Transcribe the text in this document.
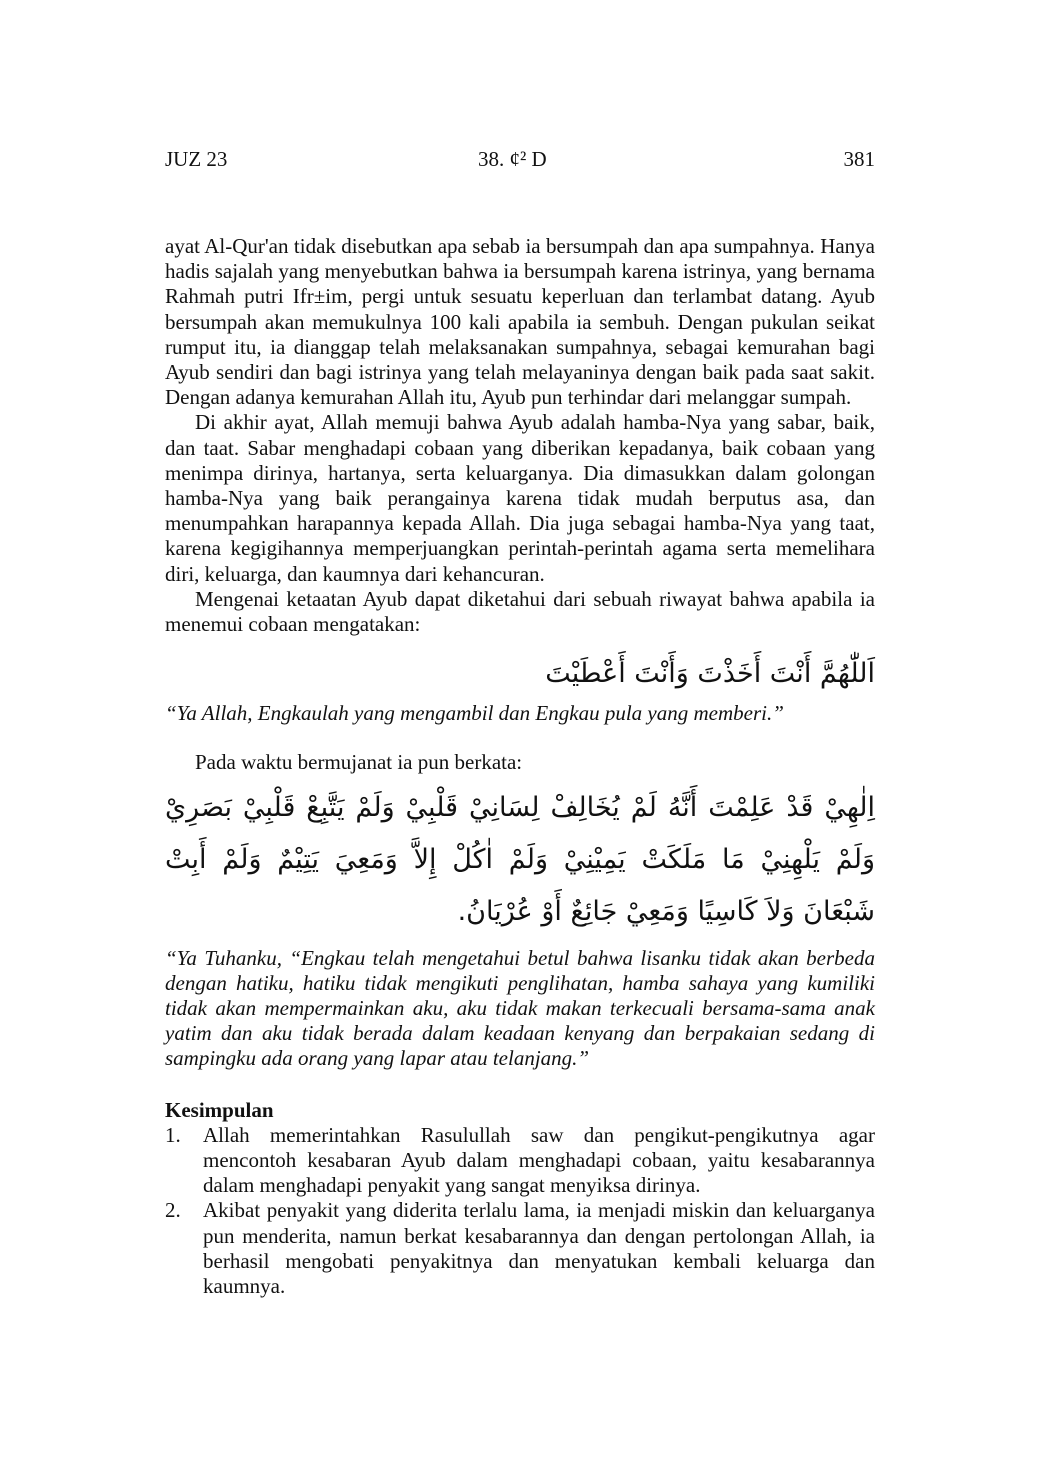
JUZ 23	38. ¢² D	381

ayat Al-Qur'an tidak disebutkan apa sebab ia bersumpah dan apa sumpahnya. Hanya hadis sajalah yang menyebutkan bahwa ia bersumpah karena istrinya, yang bernama Rahmah putri Ifr±im, pergi untuk sesuatu keperluan dan terlambat datang. Ayub bersumpah akan memukulnya 100 kali apabila ia sembuh. Dengan pukulan seikat rumput itu, ia dianggap telah melaksanakan sumpahnya, sebagai kemurahan bagi Ayub sendiri dan bagi istrinya yang telah melayaninya dengan baik pada saat sakit. Dengan adanya kemurahan Allah itu, Ayub pun terhindar dari melanggar sumpah.

Di akhir ayat, Allah memuji bahwa Ayub adalah hamba-Nya yang sabar, baik, dan taat. Sabar menghadapi cobaan yang diberikan kepadanya, baik cobaan yang menimpa dirinya, hartanya, serta keluarganya. Dia dimasukkan dalam golongan hamba-Nya yang baik perangainya karena tidak mudah berputus asa, dan menumpahkan harapannya kepada Allah. Dia juga sebagai hamba-Nya yang taat, karena kegigihannya memperjuangkan perintah-perintah agama serta memelihara diri, keluarga, dan kaumnya dari kehancuran.

Mengenai ketaatan Ayub dapat diketahui dari sebuah riwayat bahwa apabila ia menemui cobaan mengatakan:

اَللّٰهُمَّ أَنْتَ أَخَذْتَ وَأَنْتَ أَعْطَيْتَ

“Ya Allah, Engkaulah yang mengambil dan Engkau pula yang memberi.”

Pada waktu bermujanat ia pun berkata:

اِلٰهِيْ قَدْ عَلِمْتَ أَنَّهُ لَمْ يُخَالِفْ لِسَانِيْ قَلْبِيْ وَلَمْ يَتَّبِعْ قَلْبِيْ بَصَرِيْ وَلَمْ يَلْهِنِيْ مَا مَلَكَتْ يَمِيْنِيْ وَلَمْ اٰكُلْ إِلاَّ وَمَعِيَ يَتِيْمٌ وَلَمْ أَبِتْ شَبْعَانَ وَلاَ كَاسِيًا وَمَعِيْ جَائِعٌ أَوْ عُرْيَانُ.

“Ya Tuhanku, “Engkau telah mengetahui betul bahwa lisanku tidak akan berbeda dengan hatiku, hatiku tidak mengikuti penglihatan, hamba sahaya yang kumiliki tidak akan mempermainkan aku, aku tidak makan terkecuali bersama-sama anak yatim dan aku tidak berada dalam keadaan kenyang dan berpakaian sedang di sampingku ada orang yang lapar atau telanjang.”

Kesimpulan

1. Allah memerintahkan Rasulullah saw dan pengikut-pengikutnya agar mencontoh kesabaran Ayub dalam menghadapi cobaan, yaitu kesabarannya dalam menghadapi penyakit yang sangat menyiksa dirinya.
2. Akibat penyakit yang diderita terlalu lama, ia menjadi miskin dan keluarganya pun menderita, namun berkat kesabarannya dan dengan pertolongan Allah, ia berhasil mengobati penyakitnya dan menyatukan kembali keluarga dan kaumnya.
